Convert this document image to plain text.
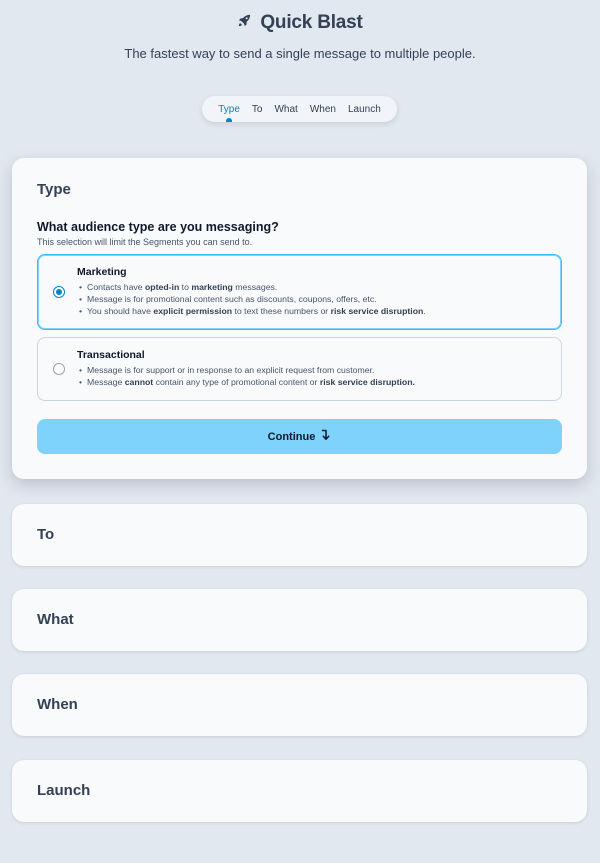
Quick Blast
The fastest way to send a single message to multiple people.
Type To What When Launch
Type
What audience type are you messaging?
This selection will limit the Segments you can send to.
Marketing
• Contacts have opted-in to marketing messages.
• Message is for promotional content such as discounts, coupons, offers, etc.
• You should have explicit permission to text these numbers or risk service disruption.
Transactional
• Message is for support or in response to an explicit request from customer.
• Message cannot contain any type of promotional content or risk service disruption.
Continue
To
What
When
Launch
